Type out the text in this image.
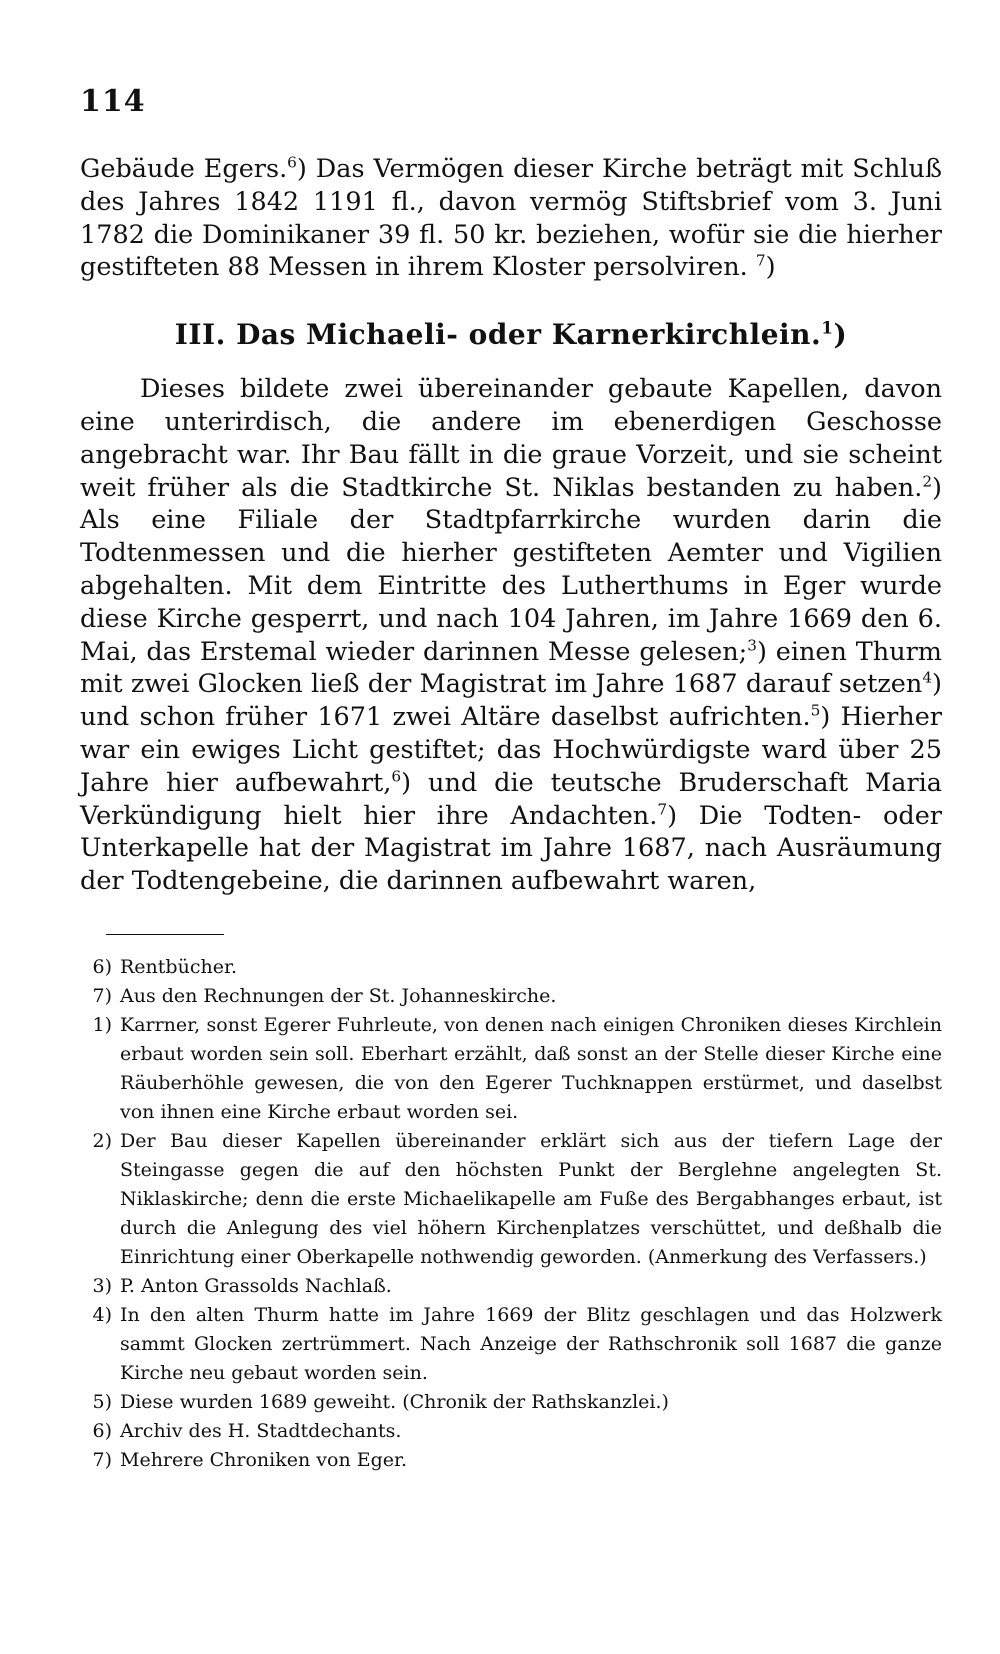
114

Gebäude Egers.$^6$) Das Vermögen dieser Kirche beträgt mit Schluß des Jahres 1842 1191 fl., davon vermög Stiftsbrief vom 3. Juni 1782 die Dominikaner 39 fl. 50 kr. beziehen, wofür sie die hierher gestifteten 88 Messen in ihrem Kloster persolviren. $^7$)

III. Das Michaeli- oder Karnerkirchlein.$^1$)

Dieses bildete zwei übereinander gebaute Kapellen, davon eine unterirdisch, die andere im ebenerdigen Geschosse angebracht war. Ihr Bau fällt in die graue Vorzeit, und sie scheint weit früher als die Stadtkirche St. Niklas bestanden zu haben.$^2$) Als eine Filiale der Stadtpfarrkirche wurden darin die Todtenmessen und die hierher gestifteten Aemter und Vigilien abgehalten. Mit dem Eintritte des Lutherthums in Eger wurde diese Kirche gesperrt, und nach 104 Jahren, im Jahre 1669 den 6. Mai, das Erstemal wieder darinnen Messe gelesen;$^3$) einen Thurm mit zwei Glocken ließ der Magistrat im Jahre 1687 darauf setzen$^4$) und schon früher 1671 zwei Altäre daselbst aufrichten.$^5$) Hierher war ein ewiges Licht gestiftet; das Hochwürdigste ward über 25 Jahre hier aufbewahrt,$^6$) und die teutsche Bruderschaft Maria Verkündigung hielt hier ihre Andachten.$^7$) Die Todten- oder Unterkapelle hat der Magistrat im Jahre 1687, nach Ausräumung der Todtengebeine, die darinnen aufbewahrt waren,

6) Rentbücher.
7) Aus den Rechnungen der St. Johanneskirche.
1) Karrner, sonst Egerer Fuhrleute, von denen nach einigen Chroniken dieses Kirchlein erbaut worden sein soll. Eberhart erzählt, daß sonst an der Stelle dieser Kirche eine Räuberhöhle gewesen, die von den Egerer Tuchknappen erstürmet, und daselbst von ihnen eine Kirche erbaut worden sei.
2) Der Bau dieser Kapellen übereinander erklärt sich aus der tiefern Lage der Steingasse gegen die auf den höchsten Punkt der Berglehne angelegten St. Niklaskirche; denn die erste Michaelikapelle am Fuße des Bergabhanges erbaut, ist durch die Anlegung des viel höhern Kirchenplatzes verschüttet, und deßhalb die Einrichtung einer Oberkapelle nothwendig geworden. (Anmerkung des Verfassers.)
3) P. Anton Grassolds Nachlaß.
4) In den alten Thurm hatte im Jahre 1669 der Blitz geschlagen und das Holzwerk sammt Glocken zertrümmert. Nach Anzeige der Rathschronik soll 1687 die ganze Kirche neu gebaut worden sein.
5) Diese wurden 1689 geweiht. (Chronik der Rathskanzlei.)
6) Archiv des H. Stadtdechants.
7) Mehrere Chroniken von Eger.
